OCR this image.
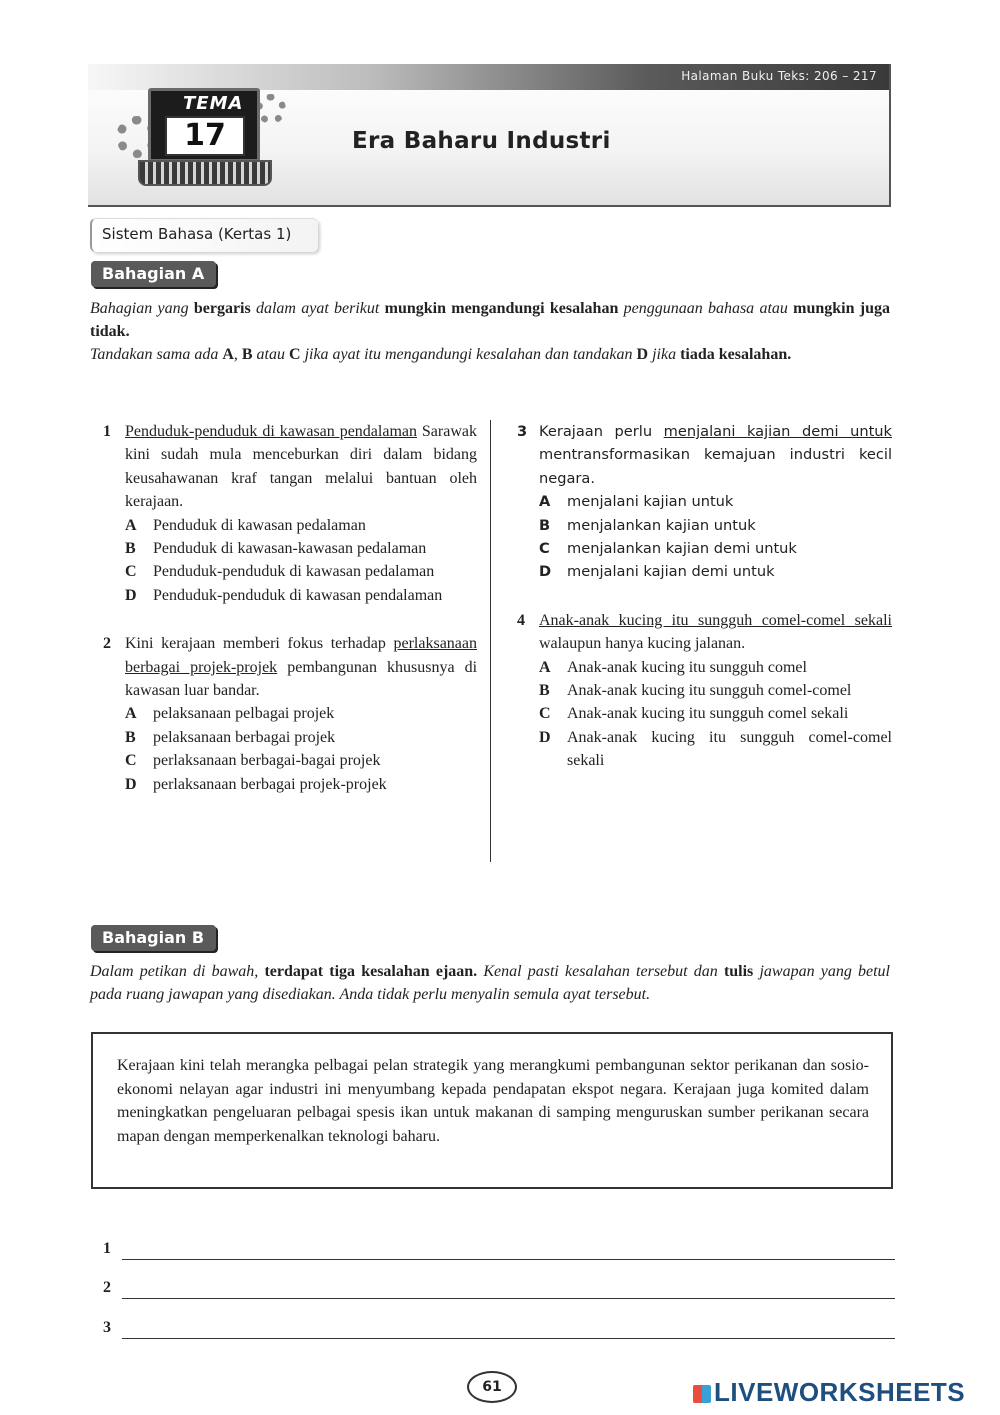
Halaman Buku Teks: 206 – 217
TEMA
17	Era Baharu Industri
Sistem Bahasa (Kertas 1)
Bahagian A
Bahagian yang bergaris dalam ayat berikut mungkin mengandungi kesalahan penggunaan bahasa atau mungkin juga tidak.
Tandakan sama ada A, B atau C jika ayat itu mengandungi kesalahan dan tandakan D jika tiada kesalahan.
1 Penduduk-penduduk di kawasan pendalaman Sarawak kini sudah mula menceburkan diri dalam bidang keusahawanan kraf tangan melalui bantuan oleh kerajaan.
A Penduduk di kawasan pedalaman
B Penduduk di kawasan-kawasan pedalaman
C Penduduk-penduduk di kawasan pedalaman
D Penduduk-penduduk di kawasan pendalaman
2 Kini kerajaan memberi fokus terhadap perlaksanaan berbagai projek-projek pembangunan khususnya di kawasan luar bandar.
A pelaksanaan pelbagai projek
B pelaksanaan berbagai projek
C perlaksanaan berbagai-bagai projek
D perlaksanaan berbagai projek-projek
3 Kerajaan perlu menjalani kajian demi untuk mentransformasikan kemajuan industri kecil negara.
A menjalani kajian untuk
B menjalankan kajian untuk
C menjalankan kajian demi untuk
D menjalani kajian demi untuk
4 Anak-anak kucing itu sungguh comel-comel sekali walaupun hanya kucing jalanan.
A Anak-anak kucing itu sungguh comel
B Anak-anak kucing itu sungguh comel-comel
C Anak-anak kucing itu sungguh comel sekali
D Anak-anak kucing itu sungguh comel-comel sekali
Bahagian B
Dalam petikan di bawah, terdapat tiga kesalahan ejaan. Kenal pasti kesalahan tersebut dan tulis jawapan yang betul pada ruang jawapan yang disediakan. Anda tidak perlu menyalin semula ayat tersebut.

Kerajaan kini telah merangka pelbagai pelan strategik yang merangkumi pembangunan sektor perikanan dan sosio-ekonomi nelayan agar industri ini menyumbang kepada pendapatan ekspot negara. Kerajaan juga komited dalam meningkatkan pengeluaran pelbagai spesis ikan untuk makanan di samping menguruskan sumber perikanan secara mapan dengan memperkenalkan teknologi baharu.

1
2
3
61	LIVEWORKSHEETS
